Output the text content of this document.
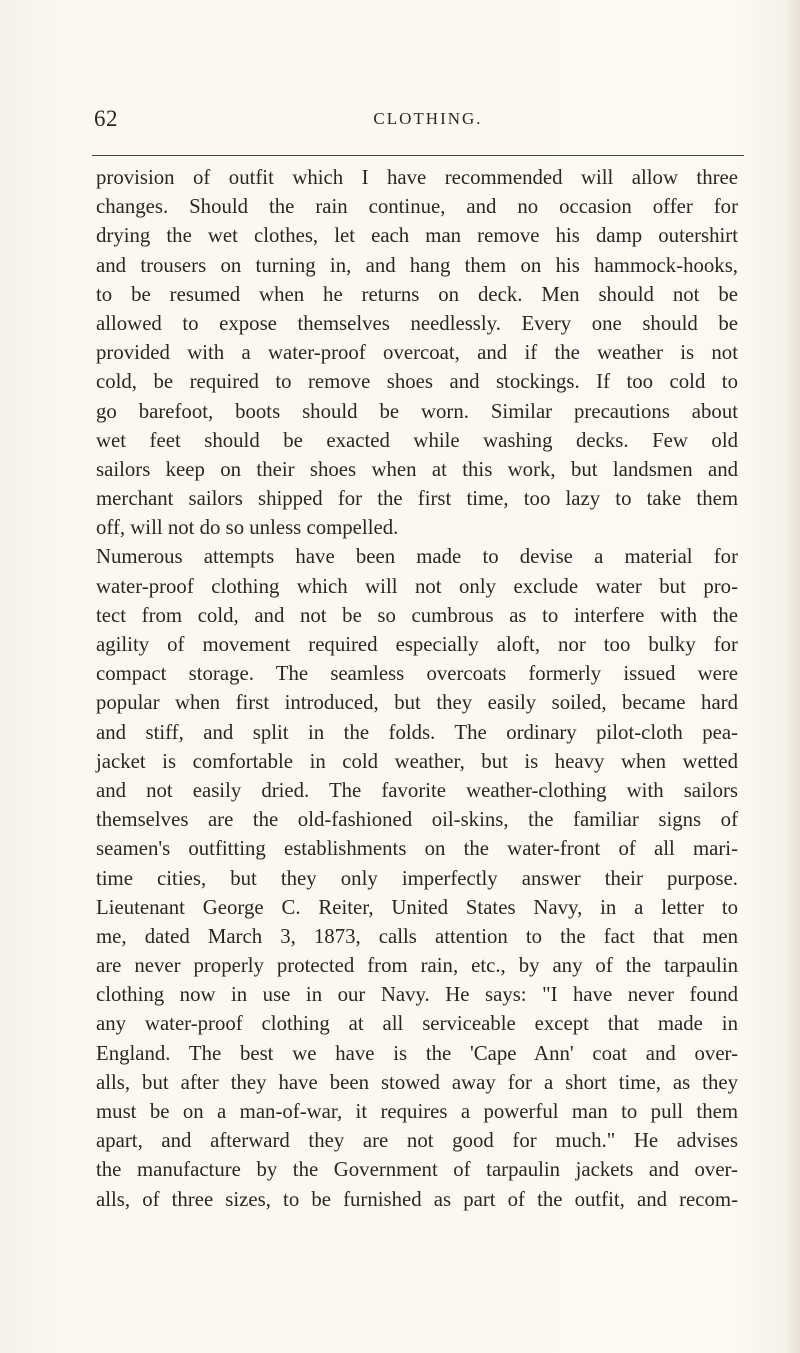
62	CLOTHING.
provision of outfit which I have recommended will allow three
changes. Should the rain continue, and no occasion offer for
drying the wet clothes, let each man remove his damp outershirt
and trousers on turning in, and hang them on his hammock-hooks,
to be resumed when he returns on deck. Men should not be
allowed to expose themselves needlessly. Every one should be
provided with a water-proof overcoat, and if the weather is not
cold, be required to remove shoes and stockings. If too cold to
go barefoot, boots should be worn. Similar precautions about
wet feet should be exacted while washing decks. Few old
sailors keep on their shoes when at this work, but landsmen and
merchant sailors shipped for the first time, too lazy to take them
off, will not do so unless compelled.
Numerous attempts have been made to devise a material for
water-proof clothing which will not only exclude water but pro-
tect from cold, and not be so cumbrous as to interfere with the
agility of movement required especially aloft, nor too bulky for
compact storage. The seamless overcoats formerly issued were
popular when first introduced, but they easily soiled, became hard
and stiff, and split in the folds. The ordinary pilot-cloth pea-
jacket is comfortable in cold weather, but is heavy when wetted
and not easily dried. The favorite weather-clothing with sailors
themselves are the old-fashioned oil-skins, the familiar signs of
seamen's outfitting establishments on the water-front of all mari-
time cities, but they only imperfectly answer their purpose.
Lieutenant George C. Reiter, United States Navy, in a letter to
me, dated March 3, 1873, calls attention to the fact that men
are never properly protected from rain, etc., by any of the tarpaulin
clothing now in use in our Navy. He says: "I have never found
any water-proof clothing at all serviceable except that made in
England. The best we have is the 'Cape Ann' coat and over-
alls, but after they have been stowed away for a short time, as they
must be on a man-of-war, it requires a powerful man to pull them
apart, and afterward they are not good for much." He advises
the manufacture by the Government of tarpaulin jackets and over-
alls, of three sizes, to be furnished as part of the outfit, and recom-
